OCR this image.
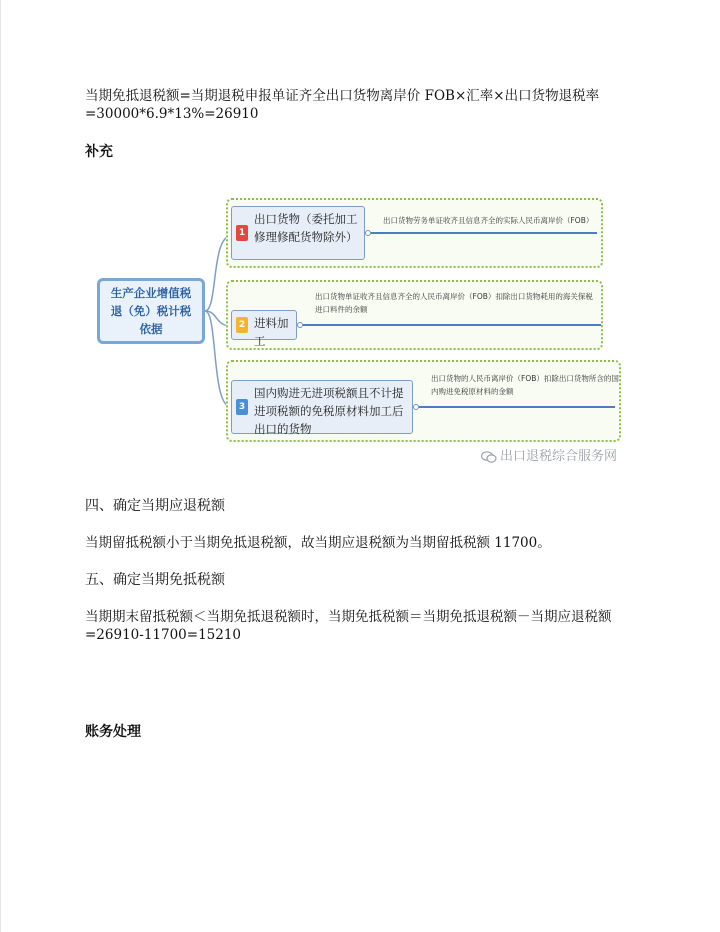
当期免抵退税额=当期退税申报单证齐全出口货物离岸价 FOB×汇率×出口货物退税率
=30000*6.9*13%=26910
补充
生产企业增值税退（免）税计税依据
1
出口货物（委托加工修理修配货物除外）
出口货物劳务单证收齐且信息齐全的实际人民币离岸价（FOB）
2 进料加工
出口货物单证收齐且信息齐全的人民币离岸价（FOB）扣除出口货物耗用的海关保税进口料件的余额
3
国内购进无进项税额且不计提进项税额的免税原材料加工后出口的货物
出口货物的人民币离岸价（FOB）扣除出口货物所含的国内购进免税原材料的金额
出口退税综合服务网
四、确定当期应退税额
当期留抵税额小于当期免抵退税额，故当期应退税额为当期留抵税额 11700。
五、确定当期免抵税额
当期期末留抵税额＜当期免抵退税额时，当期免抵税额＝当期免抵退税额－当期应退税额
=26910-11700=15210
账务处理
